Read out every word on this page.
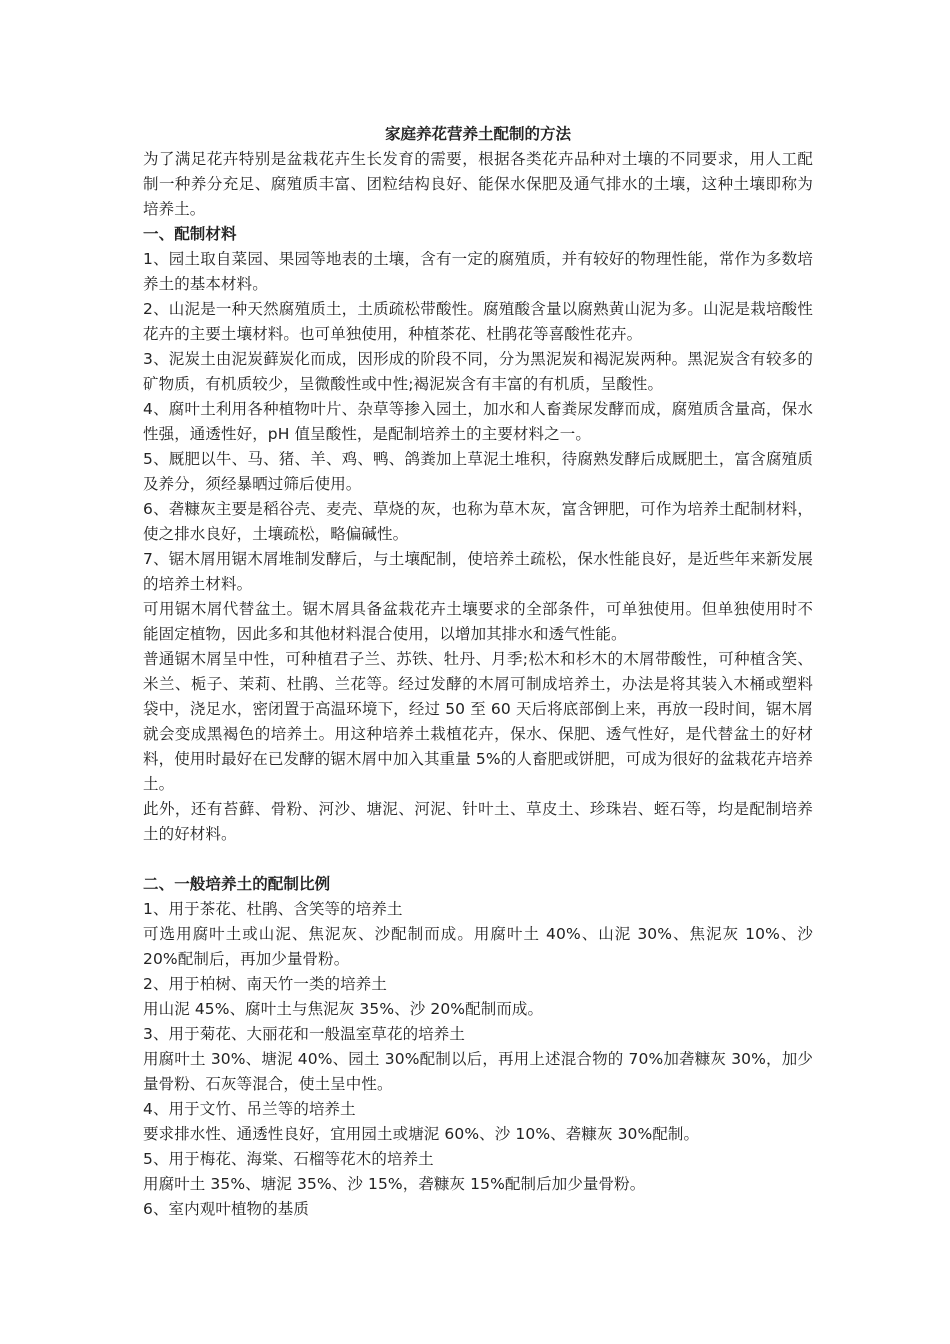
家庭养花营养土配制的方法

为了满足花卉特别是盆栽花卉生长发育的需要，根据各类花卉品种对土壤的不同要求，用人工配制一种养分充足、腐殖质丰富、团粒结构良好、能保水保肥及通气排水的土壤，这种土壤即称为培养土。

一、配制材料

1、园土取自菜园、果园等地表的土壤，含有一定的腐殖质，并有较好的物理性能，常作为多数培养土的基本材料。

2、山泥是一种天然腐殖质土，土质疏松带酸性。腐殖酸含量以腐熟黄山泥为多。山泥是栽培酸性花卉的主要土壤材料。也可单独使用，种植茶花、杜鹃花等喜酸性花卉。

3、泥炭土由泥炭藓炭化而成，因形成的阶段不同，分为黑泥炭和褐泥炭两种。黑泥炭含有较多的矿物质，有机质较少，呈微酸性或中性;褐泥炭含有丰富的有机质，呈酸性。

4、腐叶土利用各种植物叶片、杂草等掺入园土，加水和人畜粪尿发酵而成，腐殖质含量高，保水性强，通透性好，pH 值呈酸性，是配制培养土的主要材料之一。

5、厩肥以牛、马、猪、羊、鸡、鸭、鸽粪加上草泥土堆积，待腐熟发酵后成厩肥土，富含腐殖质及养分，须经暴晒过筛后使用。

6、砻糠灰主要是稻谷壳、麦壳、草烧的灰，也称为草木灰，富含钾肥，可作为培养土配制材料，使之排水良好，土壤疏松，略偏碱性。

7、锯木屑用锯木屑堆制发酵后，与土壤配制，使培养土疏松，保水性能良好，是近些年来新发展的培养土材料。

可用锯木屑代替盆土。锯木屑具备盆栽花卉土壤要求的全部条件，可单独使用。但单独使用时不能固定植物，因此多和其他材料混合使用，以增加其排水和透气性能。

普通锯木屑呈中性，可种植君子兰、苏铁、牡丹、月季;松木和杉木的木屑带酸性，可种植含笑、米兰、栀子、茉莉、杜鹃、兰花等。经过发酵的木屑可制成培养土，办法是将其装入木桶或塑料袋中，浇足水，密闭置于高温环境下，经过 50 至 60 天后将底部倒上来，再放一段时间，锯木屑就会变成黑褐色的培养土。用这种培养土栽植花卉，保水、保肥、透气性好，是代替盆土的好材料，使用时最好在已发酵的锯木屑中加入其重量 5%的人畜肥或饼肥，可成为很好的盆栽花卉培养土。

此外，还有苔藓、骨粉、河沙、塘泥、河泥、针叶土、草皮土、珍珠岩、蛭石等，均是配制培养土的好材料。

二、一般培养土的配制比例

1、用于茶花、杜鹃、含笑等的培养土

可选用腐叶土或山泥、焦泥灰、沙配制而成。用腐叶土 40%、山泥 30%、焦泥灰 10%、沙 20%配制后，再加少量骨粉。

2、用于柏树、南天竹一类的培养土

用山泥 45%、腐叶土与焦泥灰 35%、沙 20%配制而成。

3、用于菊花、大丽花和一般温室草花的培养土

用腐叶土 30%、塘泥 40%、园土 30%配制以后，再用上述混合物的 70%加砻糠灰 30%，加少量骨粉、石灰等混合，使土呈中性。

4、用于文竹、吊兰等的培养土

要求排水性、通透性良好，宜用园土或塘泥 60%、沙 10%、砻糠灰 30%配制。

5、用于梅花、海棠、石榴等花木的培养土

用腐叶土 35%、塘泥 35%、沙 15%，砻糠灰 15%配制后加少量骨粉。

6、室内观叶植物的基质
